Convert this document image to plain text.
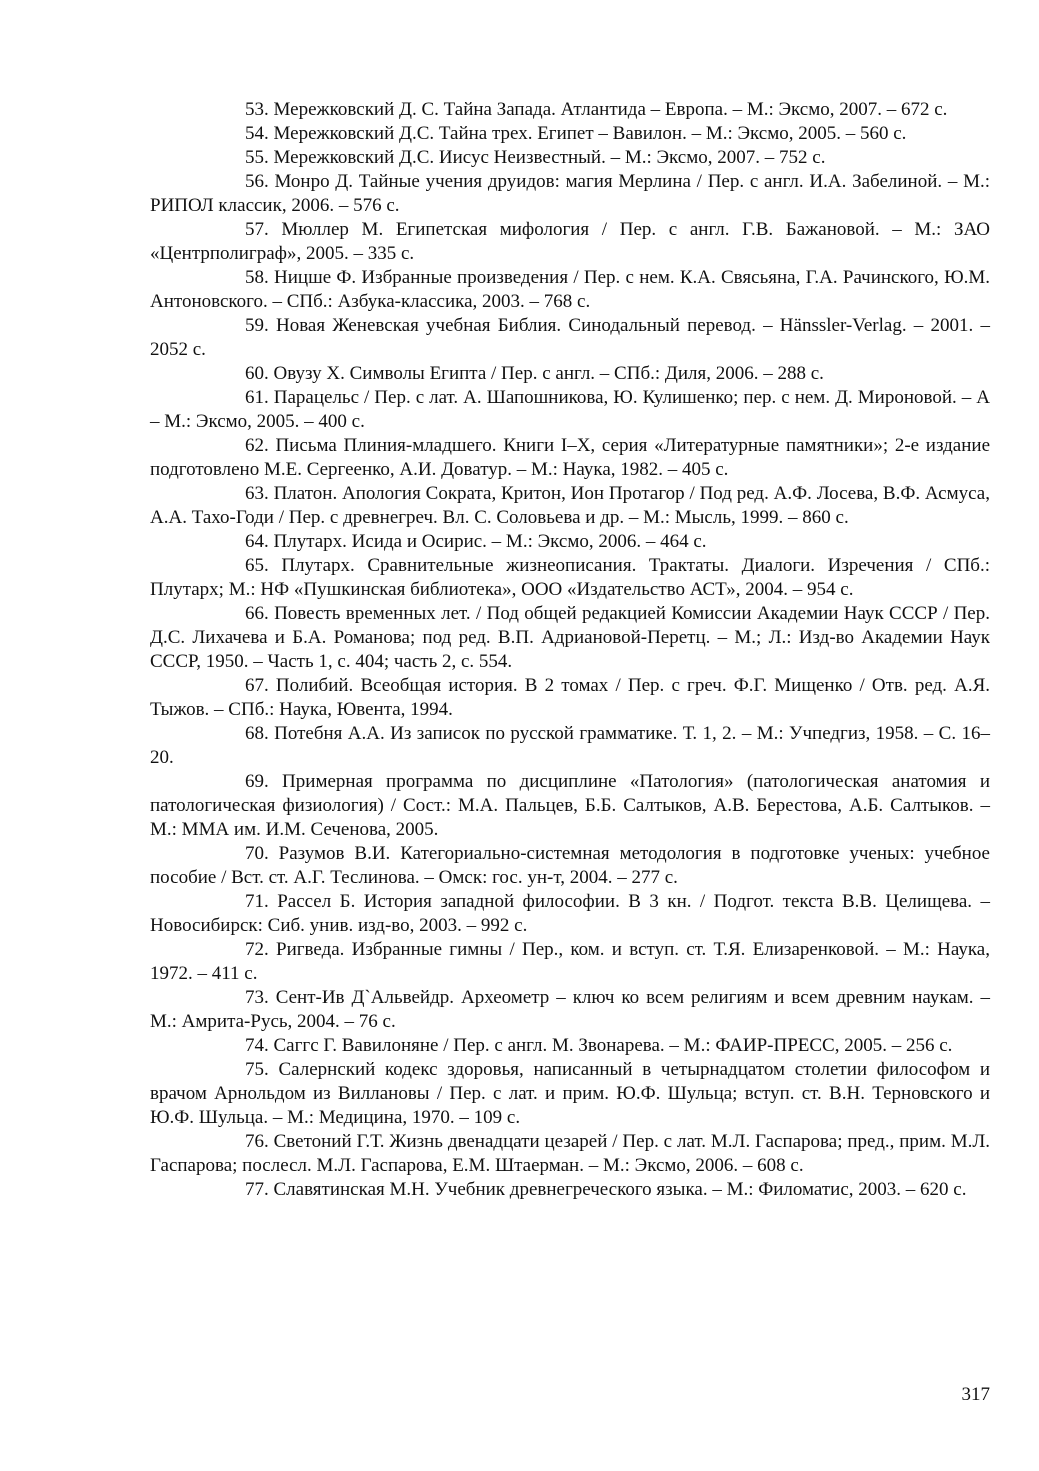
53. Мережковский Д. С. Тайна Запада. Атлантида – Европа. – М.: Эксмо, 2007. – 672 с.

54. Мережковский Д.С. Тайна трех. Египет – Вавилон. – М.: Эксмо, 2005. – 560 с.

55. Мережковский Д.С. Иисус Неизвестный. – М.: Эксмо, 2007. – 752 с.

56. Монро Д. Тайные учения друидов: магия Мерлина / Пер. с англ. И.А. Забелиной. – М.: РИПОЛ классик, 2006. – 576 с.

57. Мюллер М. Египетская мифология / Пер. с англ. Г.В. Бажановой. – М.: ЗАО «Центрполиграф», 2005. – 335 с.

58. Ницше Ф. Избранные произведения / Пер. с нем. К.А. Свясьяна, Г.А. Рачинского, Ю.М. Антоновского. – СПб.: Азбука-классика, 2003. – 768 с.

59. Новая Женевская учебная Библия. Синодальный перевод. – Hänssler-Verlag. – 2001. – 2052 с.

60. Овузу Х. Символы Египта / Пер. с англ. – СПб.: Диля, 2006. – 288 с.

61. Парацельс / Пер. с лат. А. Шапошникова, Ю. Кулишенко; пер. с нем. Д. Мироновой. – А – М.: Эксмо, 2005. – 400 с.

62. Письма Плиния-младшего. Книги I–X, серия «Литературные памятники»; 2-е издание подготовлено М.Е. Сергеенко, А.И. Доватур. – М.: Наука, 1982. – 405 с.

63. Платон. Апология Сократа, Критон, Ион Протагор / Под ред. А.Ф. Лосева, В.Ф. Асмуса, А.А. Тахо-Годи / Пер. с древнегреч. Вл. С. Соловьева и др. – М.: Мысль, 1999. – 860 с.

64. Плутарх. Исида и Осирис. – М.: Эксмо, 2006. – 464 с.

65. Плутарх. Сравнительные жизнеописания. Трактаты. Диалоги. Изречения / СПб.: Плутарх; М.: НФ «Пушкинская библиотека», ООО «Издательство АСТ», 2004. – 954 с.

66. Повесть временных лет. / Под общей редакцией Комиссии Академии Наук СССР / Пер. Д.С. Лихачева и Б.А. Романова; под ред. В.П. Адриановой-Перетц. – М.; Л.: Изд-во Академии Наук СССР, 1950. – Часть 1, с. 404; часть 2, с. 554.

67. Полибий. Всеобщая история. В 2 томах / Пер. с греч. Ф.Г. Мищенко / Отв. ред. А.Я. Тыжов. – СПб.: Наука, Ювента, 1994.

68. Потебня А.А. Из записок по русской грамматике. Т. 1, 2. – М.: Учпедгиз, 1958. – С. 16–20.

69. Примерная программа по дисциплине «Патология» (патологическая анатомия и патологическая физиология) / Сост.: М.А. Пальцев, Б.Б. Салтыков, А.В. Берестова, А.Б. Салтыков. – М.: ММА им. И.М. Сеченова, 2005.

70. Разумов В.И. Категориально-системная методология в подготовке ученых: учебное пособие / Вст. ст. А.Г. Теслинова. – Омск: гос. ун-т, 2004. – 277 с.

71. Рассел Б. История западной философии. В 3 кн. / Подгот. текста В.В. Целищева. – Новосибирск: Сиб. унив. изд-во, 2003. – 992 с.

72. Ригведа. Избранные гимны / Пер., ком. и вступ. ст. Т.Я. Елизаренковой. – М.: Наука, 1972. – 411 с.

73. Сент-Ив Д`Альвейдр. Археометр – ключ ко всем религиям и всем древним наукам. – М.: Амрита-Русь, 2004. – 76 с.

74. Саггс Г. Вавилоняне / Пер. с англ. М. Звонарева. – М.: ФАИР-ПРЕСС, 2005. – 256 с.

75. Салернский кодекс здоровья, написанный в четырнадцатом столетии философом и врачом Арнольдом из Виллановы / Пер. с лат. и прим. Ю.Ф. Шульца; вступ. ст. В.Н. Терновского и Ю.Ф. Шульца. – М.: Медицина, 1970. – 109 с.

76. Светоний Г.Т. Жизнь двенадцати цезарей / Пер. с лат. М.Л. Гаспарова; пред., прим. М.Л. Гаспарова; послесл. М.Л. Гаспарова, Е.М. Штаерман. – М.: Эксмо, 2006. – 608 с.

77. Славятинская М.Н. Учебник древнегреческого языка. – М.: Филоматис, 2003. – 620 с.

317
